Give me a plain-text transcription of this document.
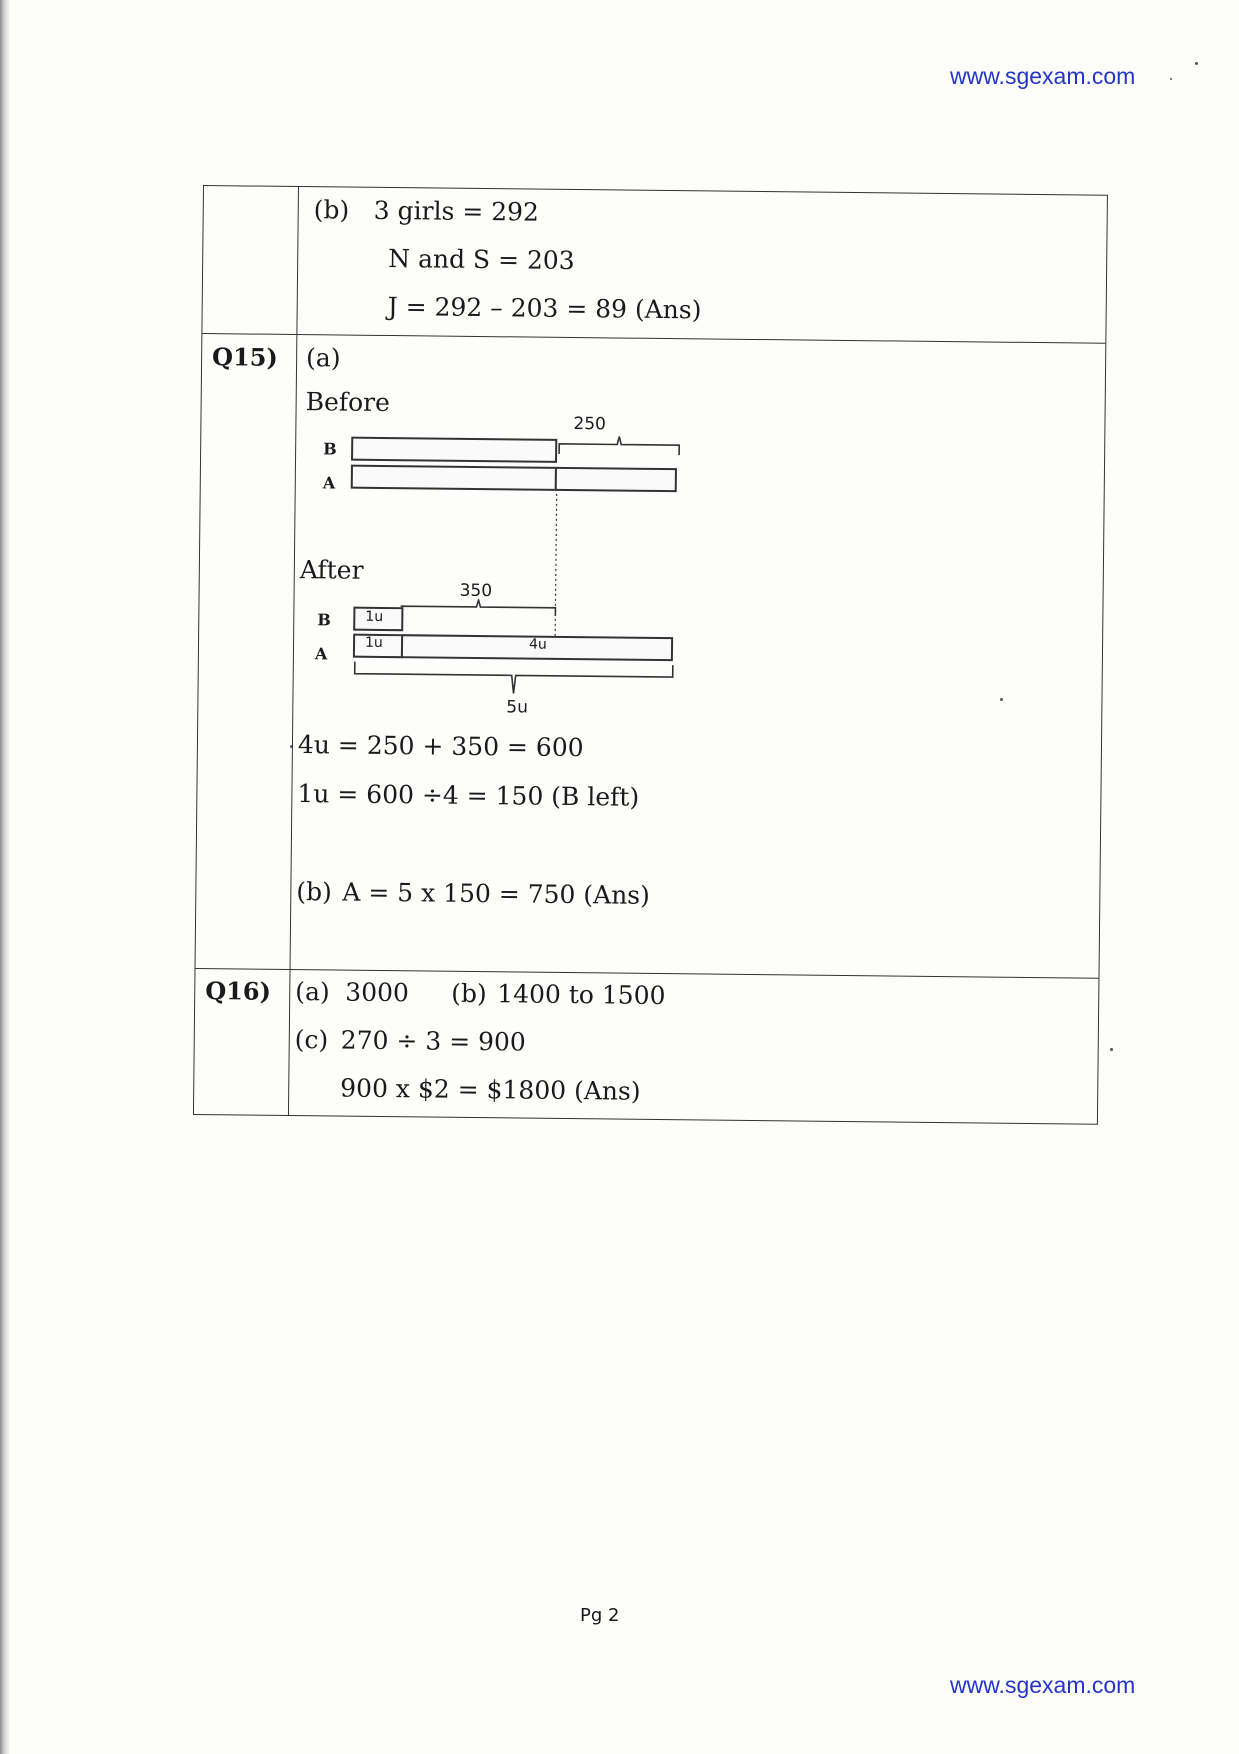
www.sgexam.com
(b) 3 girls = 292
N and S = 203
J = 292 – 203 = 89 (Ans)
Q15) (a)
Before
250
B
A
After
350
B 1u
A
1u	4u
5u
4u = 250 + 350 = 600
1u = 600 ÷4 = 150 (B left)
(b) A = 5 x 150 = 750 (Ans)
Q16) (a) 3000 (b) 1400 to 1500
(c) 270 ÷ 3 = 900
900 x $2 = $1800 (Ans)
Pg 2
www.sgexam.com
